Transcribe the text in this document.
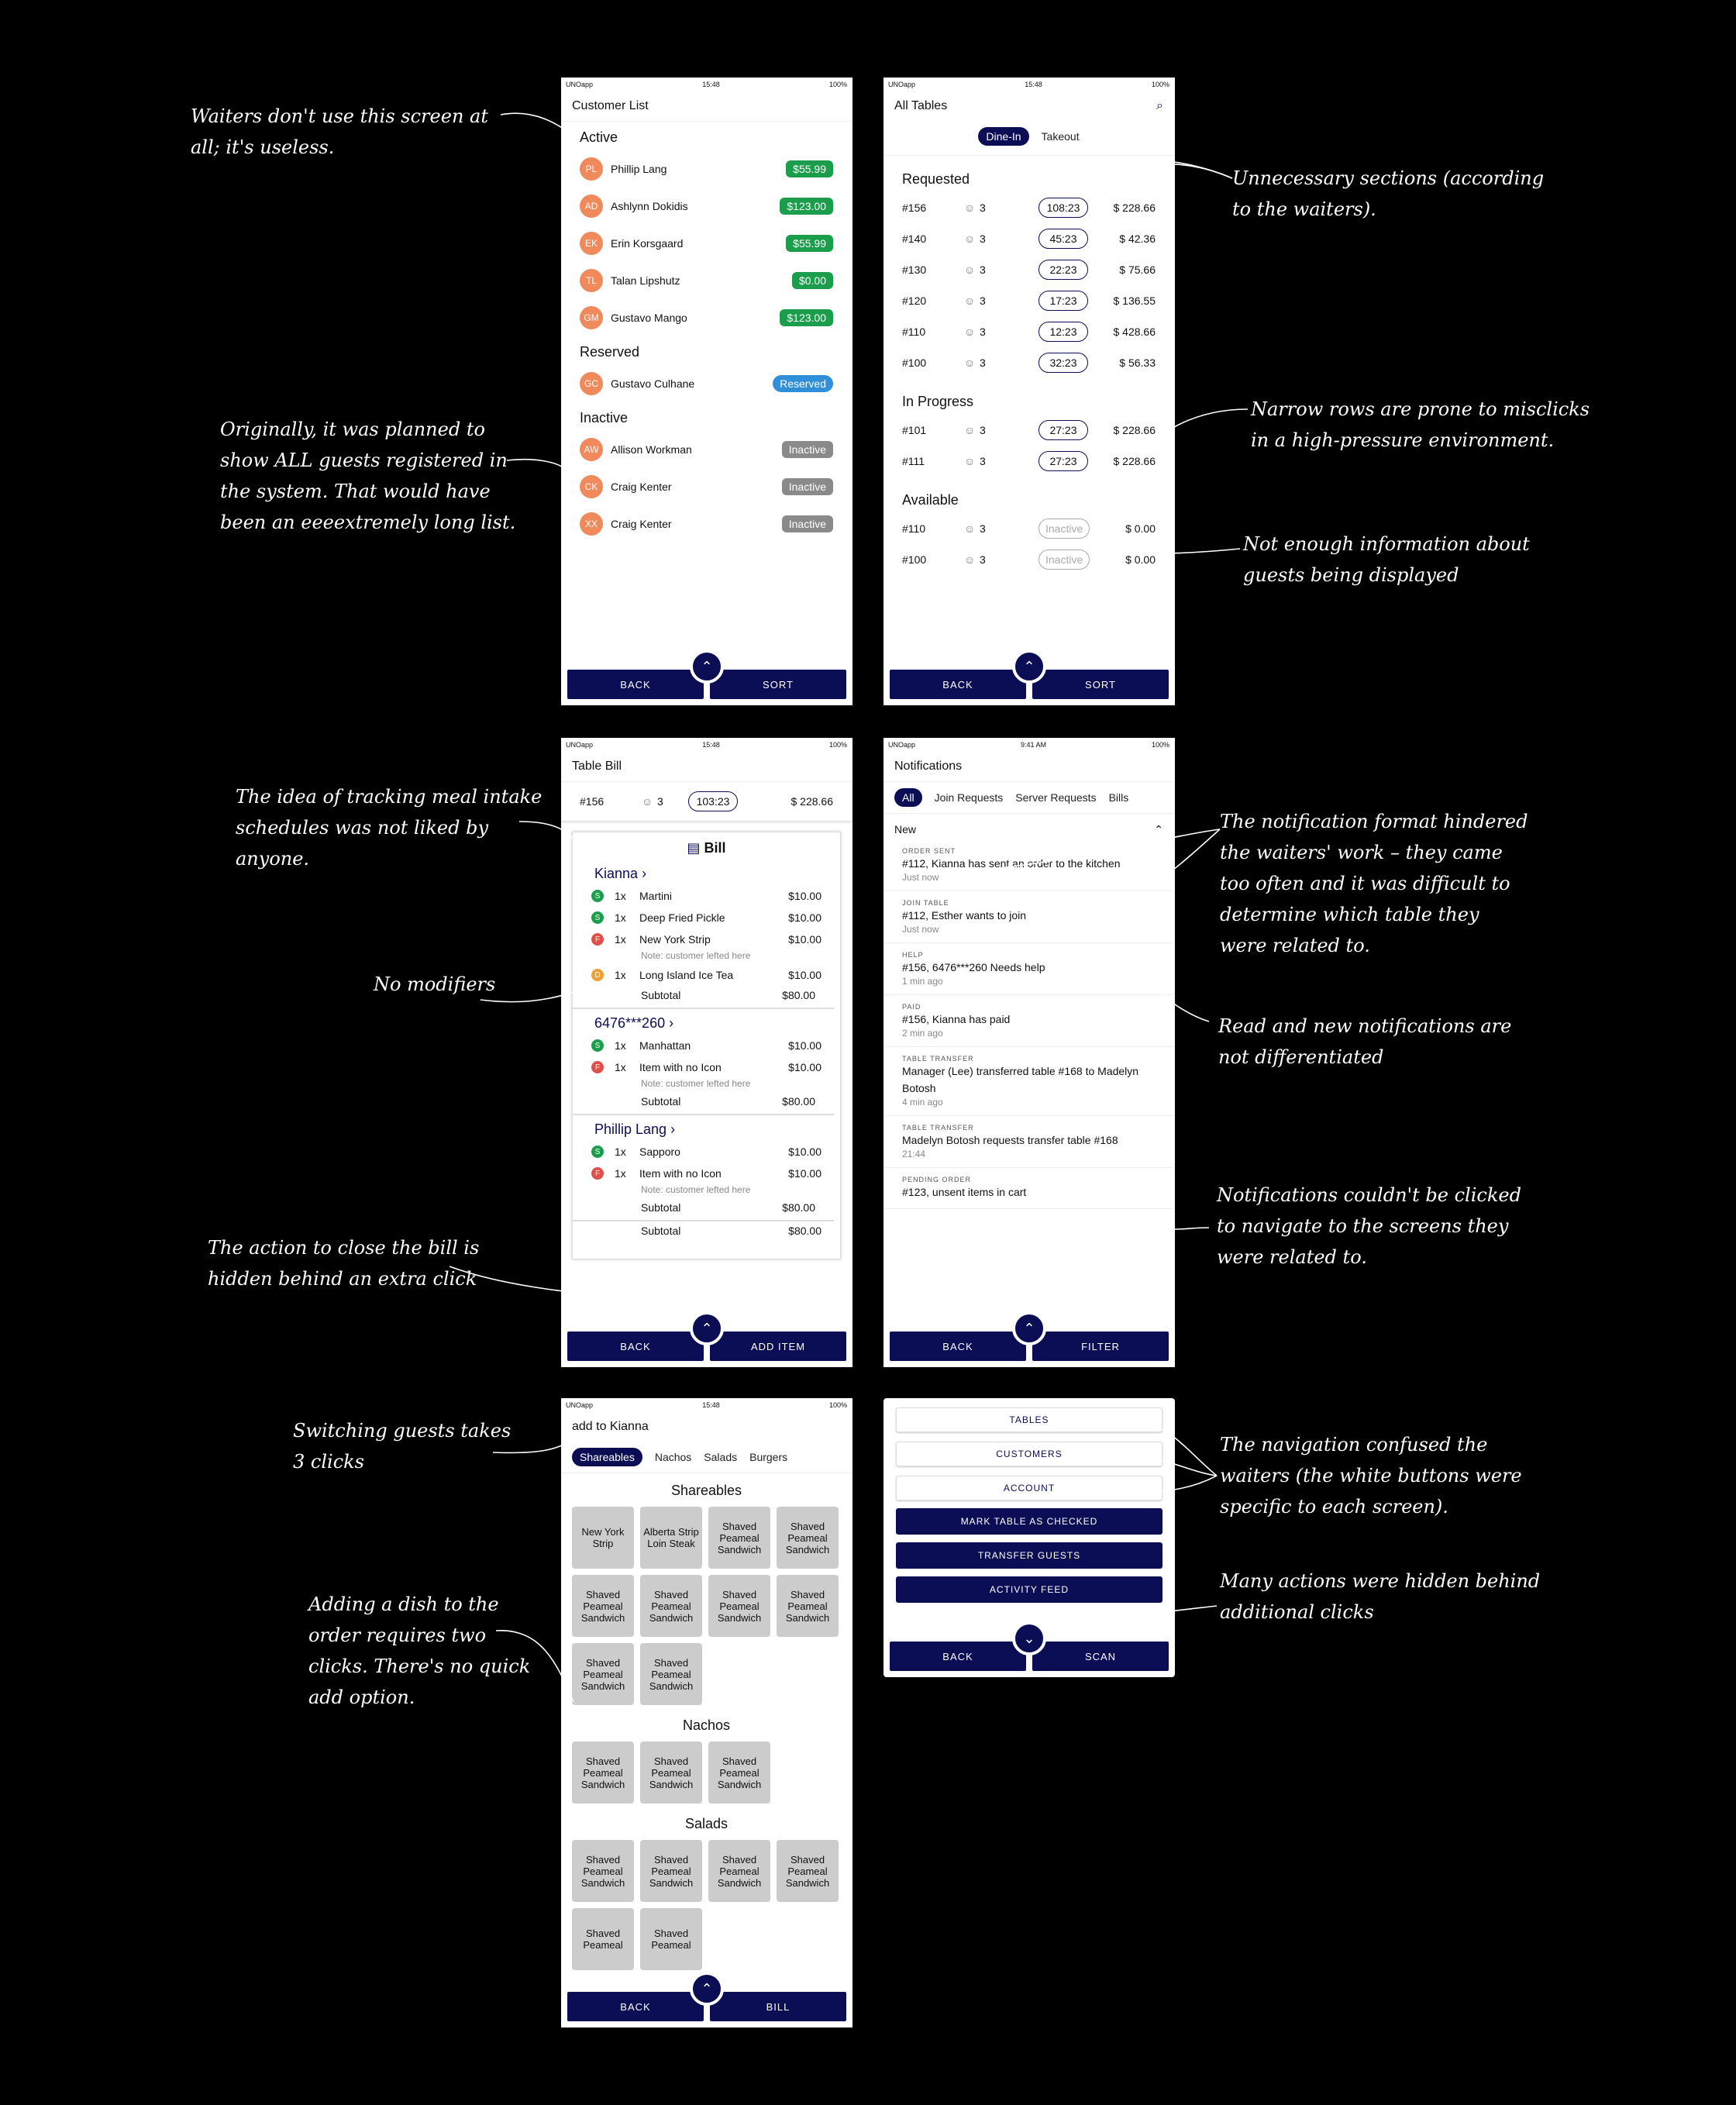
UNOapp	15:48	100%
Customer List
Active
PL	Phillip Lang	$55.99
AD	Ashlynn Dokidis	$123.00
EK	Erin Korsgaard	$55.99
TL	Talan Lipshutz	$0.00
GM	Gustavo Mango	$123.00
Reserved
GC	Gustavo Culhane	Reserved
Inactive
AW	Allison Workman	Inactive
CK	Craig Kenter	Inactive
XX	Craig Kenter	Inactive
BACK	SORT
⌃
UNOapp	15:48	100%
All Tables	⌕
Dine-In	Takeout
Requested
#156	☺ 3	108:23	$ 228.66
#140	☺ 3	45:23	$ 42.36
#130	☺ 3	22:23	$ 75.66
#120	☺ 3	17:23	$ 136.55
#110	☺ 3	12:23	$ 428.66
#100	☺ 3	32:23	$ 56.33
In Progress
#101	☺ 3	27:23	$ 228.66
#111	☺ 3	27:23	$ 228.66
Available
#110	☺ 3	Inactive	$ 0.00
#100	☺ 3	Inactive	$ 0.00
BACK	SORT
⌃
UNOapp	15:48	100%
Table Bill
#156	☺ 3	103:23	$ 228.66
▤ Bill
Kianna ›
S	1x	Martini	$10.00
S	1x	Deep Fried Pickle	$10.00
F	1x	New York Strip	$10.00
Note: customer lefted here
D	1x	Long Island Ice Tea	$10.00
Subtotal	$80.00
6476***260 ›
S	1x	Manhattan	$10.00
F	1x	Item with no Icon	$10.00
Note: customer lefted here
Subtotal	$80.00
Phillip Lang ›
S	1x	Sapporo	$10.00
F	1x	Item with no Icon	$10.00
Note: customer lefted here
Subtotal	$80.00
Subtotal	$80.00
BACK	ADD ITEM
⌃
UNOapp	9:41 AM	100%
Notifications
All	Join Requests Server Requests Bills
New	⌃
ORDER SENT
#112, Kianna has sent an order to the kitchen
Just now
JOIN TABLE
#112, Esther wants to join
Just now
HELP
#156, 6476***260 Needs help
1 min ago
PAID
#156, Kianna has paid
2 min ago
TABLE TRANSFER
Manager (Lee) transferred table #168 to Madelyn Botosh
4 min ago
TABLE TRANSFER
Madelyn Botosh requests transfer table #168
21:44
PENDING ORDER
#123, unsent items in cart
BACK	FILTER
⌃
UNOapp	15:48	100%
add to Kianna
Shareables	Nachos Salads Burgers
Shareables
New York Strip
Alberta Strip Loin Steak
Shaved Peameal Sandwich
Shaved Peameal Sandwich
Shaved Peameal Sandwich
Shaved Peameal Sandwich
Shaved Peameal Sandwich
Shaved Peameal Sandwich
Shaved Peameal Sandwich
Shaved Peameal Sandwich
Nachos
Shaved Peameal Sandwich
Shaved Peameal Sandwich
Shaved Peameal Sandwich
Salads
Shaved Peameal Sandwich
Shaved Peameal Sandwich
Shaved Peameal Sandwich
Shaved Peameal Sandwich
Shaved Peameal
Shaved Peameal
BACK	BILL
⌃
TABLES
CUSTOMERS
ACCOUNT
MARK TABLE AS CHECKED
TRANSFER GUESTS
ACTIVITY FEED
BACK	SCAN
⌄
Waiters don't use this screen at all; it's useless.
Originally, it was planned to show ALL guests registered in the system. That would have been an eeeextremely long list.
Unnecessary sections (according to the waiters).
Narrow rows are prone to misclicks in a high-pressure environment.
Not enough information about guests being displayed
The idea of tracking meal intake schedules was not liked by anyone.
No modifiers
The action to close the bill is hidden behind an extra click
The notification format hindered the waiters' work – they came too often and it was difficult to determine which table they were related to.
Read and new notifications are not differentiated
Notifications couldn't be clicked to navigate to the screens they were related to.
Switching guests takes 3 clicks
Adding a dish to the order requires two clicks. There's no quick add option.
The navigation confused the waiters (the white buttons were specific to each screen).
Many actions were hidden behind additional clicks
